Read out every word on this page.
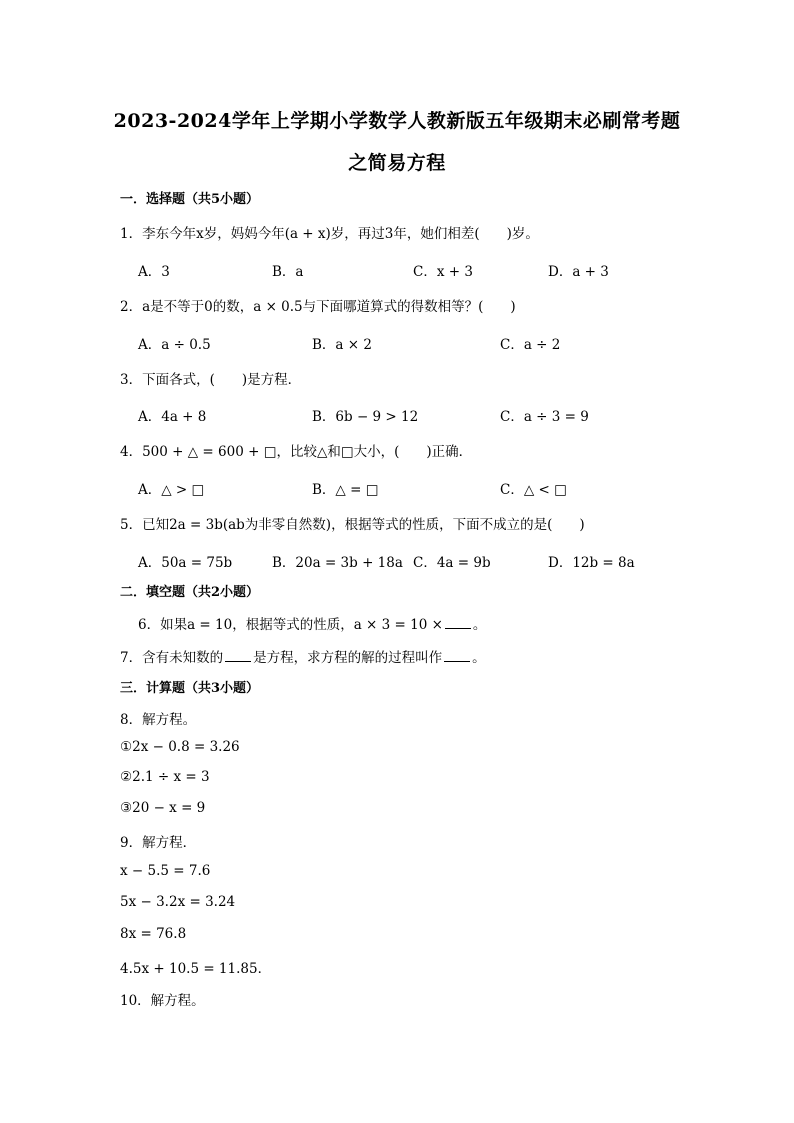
2023-2024学年上学期小学数学人教新版五年级期末必刷常考题
之简易方程
一．选择题（共5小题）
1．李东今年x岁，妈妈今年(a + x)岁，再过3年，她们相差(　　)岁。
A．3	B．a	C．x + 3	D．a + 3
2．a是不等于0的数，a × 0.5与下面哪道算式的得数相等？(　　)
A．a ÷ 0.5	B．a × 2	C．a ÷ 2
3．下面各式，(　　)是方程．
A．4a + 8	B．6b − 9 > 12	C．a ÷ 3 = 9
4．500 + △ = 600 + □，比较△和□大小，(　　)正确．
A．△ > □	B．△ = □	C．△ < □
5．已知2a = 3b(ab为非零自然数)，根据等式的性质，下面不成立的是(　　)
A．50a = 75b	B．20a = 3b + 18a C．4a = 9b	D．12b = 8a
二．填空题（共2小题）
6．如果a = 10，根据等式的性质，a × 3 = 10 × 。
7．含有未知数的 是方程，求方程的解的过程叫作 。
三．计算题（共3小题）
8．解方程。
①2x − 0.8 = 3.26
②2.1 ÷ x = 3
③20 − x = 9
9．解方程．
x − 5.5 = 7.6
5x − 3.2x = 3.24
8x = 76.8
4.5x + 10.5 = 11.85．
10．解方程。
